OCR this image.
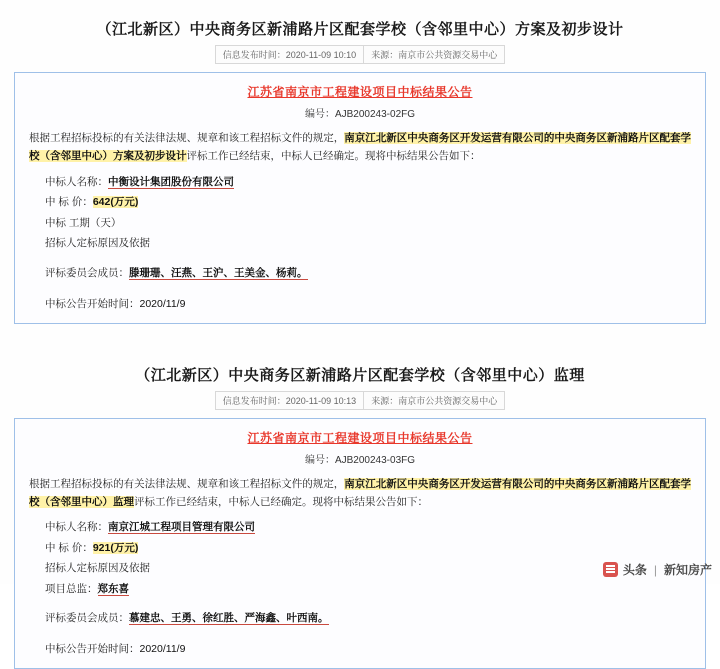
（江北新区）中央商务区新浦路片区配套学校（含邻里中心）方案及初步设计
信息发布时间：2020-11-09 10:10	来源：南京市公共资源交易中心
江苏省南京市工程建设项目中标结果公告
编号：AJB200243-02FG
根据工程招标投标的有关法律法规、规章和该工程招标文件的规定，南京江北新区中央商务区开发运营有限公司的中央商务区新浦路片区配套学校（含邻里中心）方案及初步设计评标工作已经结束，中标人已经确定。现将中标结果公告如下：
中标人名称：中衡设计集团股份有限公司
中 标 价：642(万元)
中标 工期（天）
招标人定标原因及依据
评标委员会成员：滕珊珊、汪燕、王沪、王美金、杨莉。
中标公告开始时间：2020/11/9
（江北新区）中央商务区新浦路片区配套学校（含邻里中心）监理
信息发布时间：2020-11-09 10:13	来源：南京市公共资源交易中心
江苏省南京市工程建设项目中标结果公告
编号：AJB200243-03FG
根据工程招标投标的有关法律法规、规章和该工程招标文件的规定，南京江北新区中央商务区开发运营有限公司的中央商务区新浦路片区配套学校（含邻里中心）监理评标工作已经结束，中标人已经确定。现将中标结果公告如下：
中标人名称：南京江城工程项目管理有限公司
中 标 价：921(万元)
招标人定标原因及依据
项目总监：郑东喜
评标委员会成员：慕建忠、王勇、徐红胜、严海鑫、叶西南。
中标公告开始时间：2020/11/9
头条 | 新知房产
